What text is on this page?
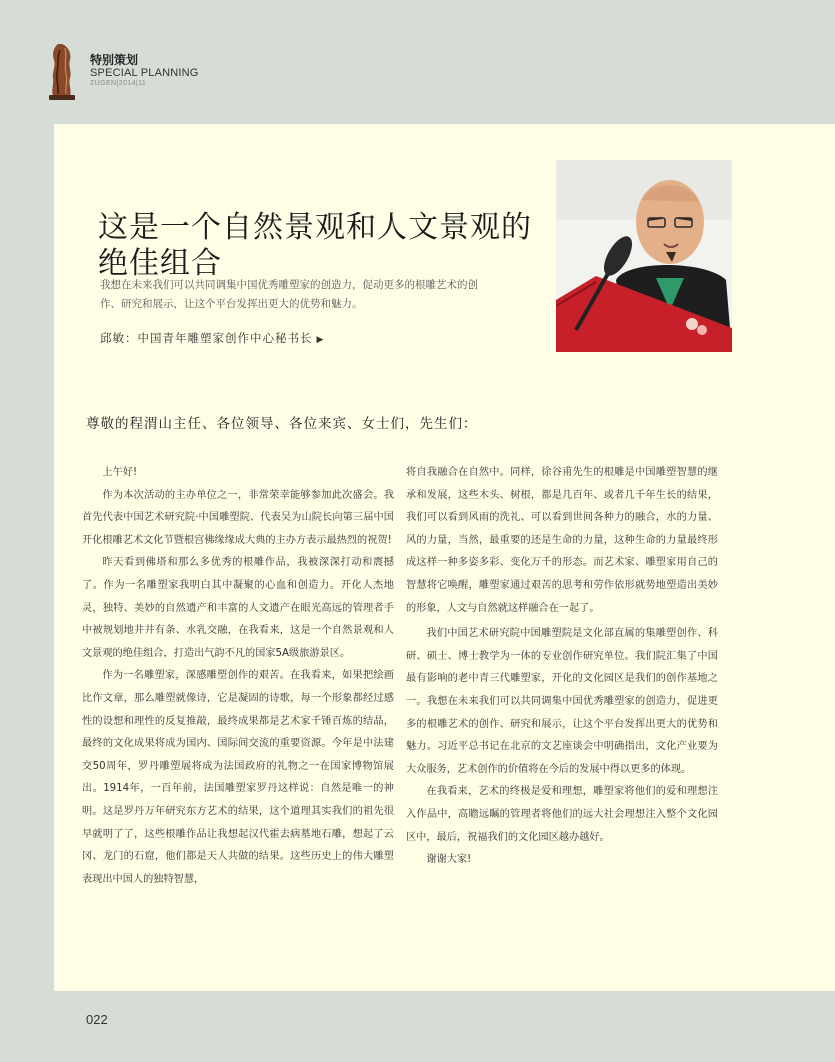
特别策划
SPECIAL PLANNING
ZUGEN|2014|11
这是一个自然景观和人文景观的绝佳组合
我想在未来我们可以共同调集中国优秀雕塑家的创造力，促动更多的根雕艺术的创作、研究和展示，让这个平台发挥出更大的优势和魅力。
邱敏：中国青年雕塑家创作中心秘书长 ▶
尊敬的程渭山主任、各位领导、各位来宾、女士们，先生们：

上午好!

作为本次活动的主办单位之一，非常荣幸能够参加此次盛会。我首先代表中国艺术研究院·中国雕塑院、代表吴为山院长向第三届中国开化根雕艺术文化节暨根宫佛缘缘成大典的主办方表示最热烈的祝贺!

昨天看到佛塔和那么多优秀的根雕作品，我被深深打动和震撼了。作为一名雕塑家我明白其中凝聚的心血和创造力。开化人杰地灵，独特、美妙的自然遗产和丰富的人文遗产在眼光高远的管理者手中被规划地井井有条、水乳交融，在我看来，这是一个自然景观和人文景观的绝佳组合，打造出气韵不凡的国家5A级旅游景区。

作为一名雕塑家，深感雕塑创作的艰苦。在我看来，如果把绘画比作文章，那么雕塑就像诗，它是凝固的诗歌，每一个形象都经过感性的设想和理性的反复推敲，最终成果都是艺术家千锤百炼的结晶，最终的文化成果将成为国内、国际间交流的重要资源。今年是中法建交50周年，罗丹雕塑展将成为法国政府的礼物之一在国家博物馆展出。1914年，一百年前，法国雕塑家罗丹这样说：自然是唯一的神明。这是罗丹万年研究东方艺术的结果，这个道理其实我们的祖先很早就明了了，这些根雕作品让我想起汉代霍去病墓地石雕，想起了云冈、龙门的石窟，他们都是天人共做的结果。这些历史上的伟大雕塑表现出中国人的独特智慧，

将自我融合在自然中。同样，徐谷甫先生的根雕是中国雕塑智慧的继承和发展，这些木头、树根，都是几百年、或者几千年生长的结果，我们可以看到风雨的洗礼、可以看到世间各种力的融合，水的力量、风的力量，当然，最重要的还是生命的力量，这种生命的力量最终形成这样一种多姿多彩、变化万千的形态。而艺术家、雕塑家用自己的智慧将它唤醒，雕塑家通过艰苦的思考和劳作依形就势地塑造出美妙的形象，人文与自然就这样融合在一起了。

我们中国艺术研究院中国雕塑院是文化部直属的集雕塑创作、科研、硕士、博士教学为一体的专业创作研究单位。我们院汇集了中国最有影响的老中青三代雕塑家，开化的文化园区是我们的创作基地之一。我想在未来我们可以共同调集中国优秀雕塑家的创造力，促进更多的根雕艺术的创作、研究和展示，让这个平台发挥出更大的优势和魅力。习近平总书记在北京的文艺座谈会中明确指出，文化产业要为大众服务，艺术创作的价值将在今后的发展中得以更多的体现。

在我看来，艺术的终极是爱和理想，雕塑家将他们的爱和理想注入作品中，高瞻远瞩的管理者将他们的远大社会理想注入整个文化园区中，最后，祝福我们的文化园区越办越好。

谢谢大家!

022
